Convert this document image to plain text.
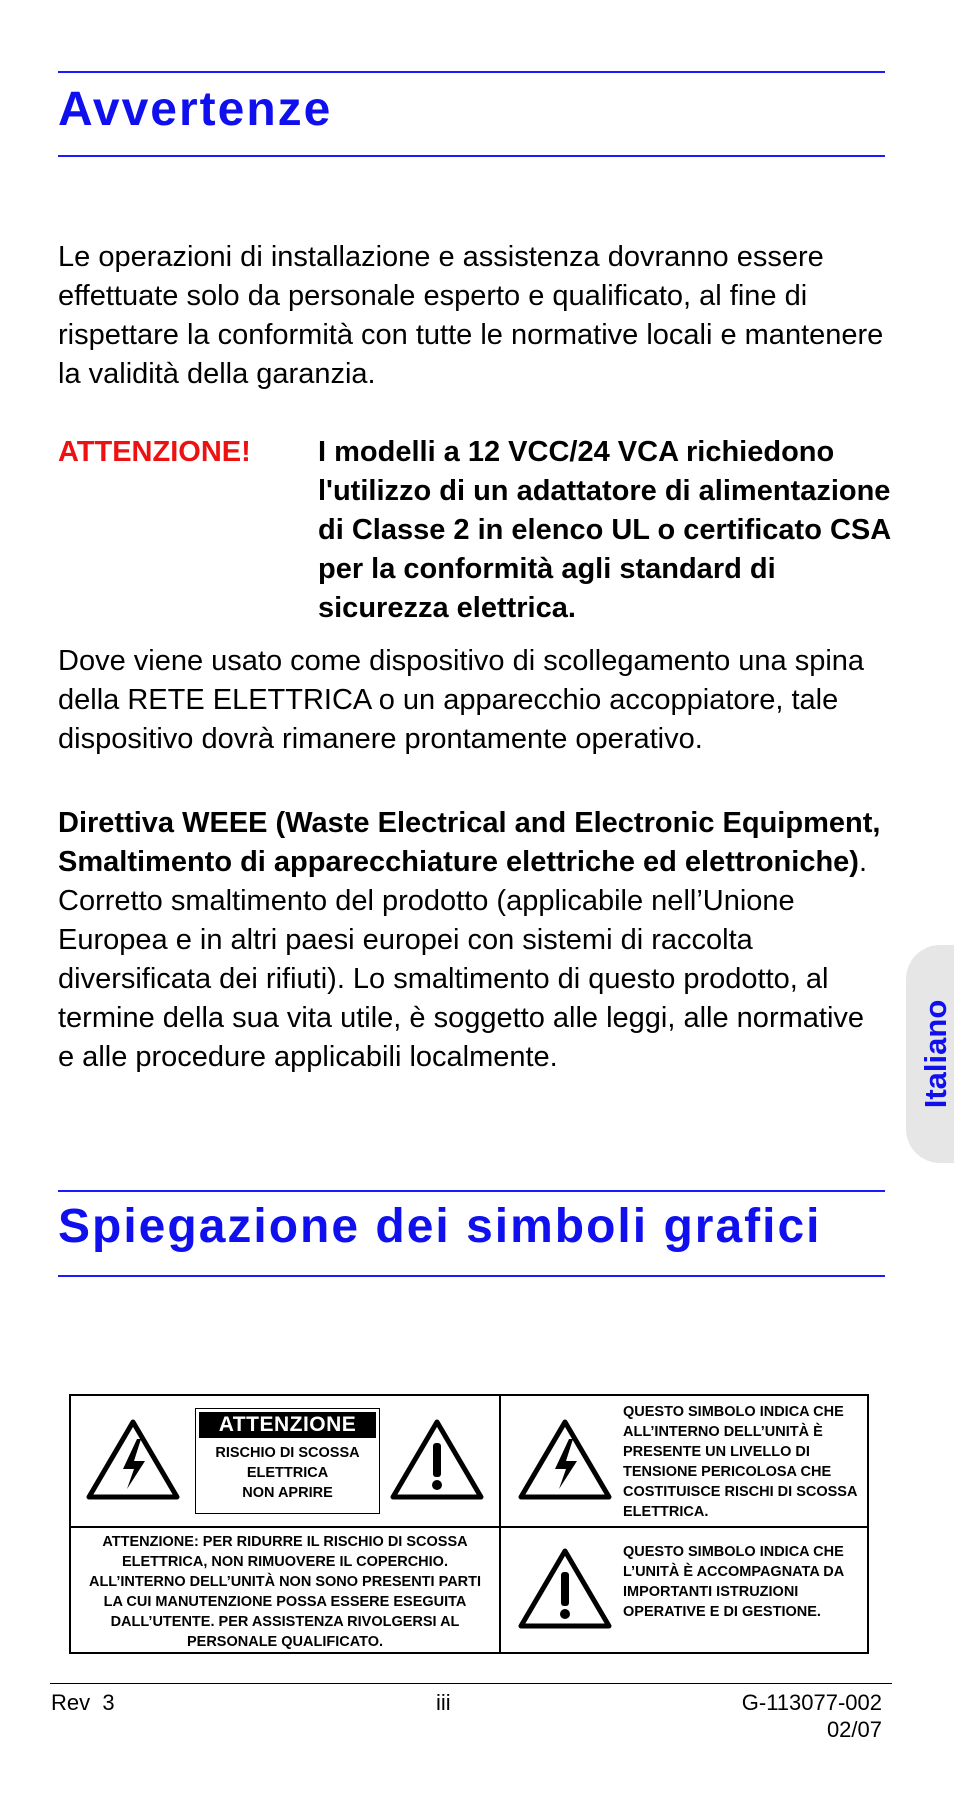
Avvertenze

Le operazioni di installazione e assistenza dovranno essere effettuate solo da personale esperto e qualificato, al fine di rispettare la conformità con tutte le normative locali e mantenere la validità della garanzia.

ATTENZIONE! I modelli a 12 VCC/24 VCA richiedono l'utilizzo di un adattatore di alimentazione di Classe 2 in elenco UL o certificato CSA per la conformità agli standard di sicurezza elettrica.

Dove viene usato come dispositivo di scollegamento una spina della RETE ELETTRICA o un apparecchio accoppiatore, tale dispositivo dovrà rimanere prontamente operativo.

Direttiva WEEE (Waste Electrical and Electronic Equipment, Smaltimento di apparecchiature elettriche ed elettroniche). Corretto smaltimento del prodotto (applicabile nell’Unione Europea e in altri paesi europei con sistemi di raccolta diversificata dei rifiuti). Lo smaltimento di questo prodotto, al termine della sua vita utile, è soggetto alle leggi, alle normative e alle procedure applicabili localmente.	Italiano
Spiegazione dei simboli grafici
ATTENZIONE
RISCHIO DI SCOSSA
ELETTRICA
NON APRIRE

QUESTO SIMBOLO INDICA CHE ALL’INTERNO DELL’UNITÀ È PRESENTE UN LIVELLO DI TENSIONE PERICOLOSA CHE COSTITUISCE RISCHI DI SCOSSA ELETTRICA.

ATTENZIONE: PER RIDURRE IL RISCHIO DI SCOSSA ELETTRICA, NON RIMUOVERE IL COPERCHIO. ALL’INTERNO DELL’UNITÀ NON SONO PRESENTI PARTI LA CUI MANUTENZIONE POSSA ESSERE ESEGUITA DALL’UTENTE. PER ASSISTENZA RIVOLGERSI AL PERSONALE QUALIFICATO.

QUESTO SIMBOLO INDICA CHE L’UNITÀ È ACCOMPAGNATA DA IMPORTANTI ISTRUZIONI OPERATIVE E DI GESTIONE.

Rev  3	iii	G-113077-002
02/07
